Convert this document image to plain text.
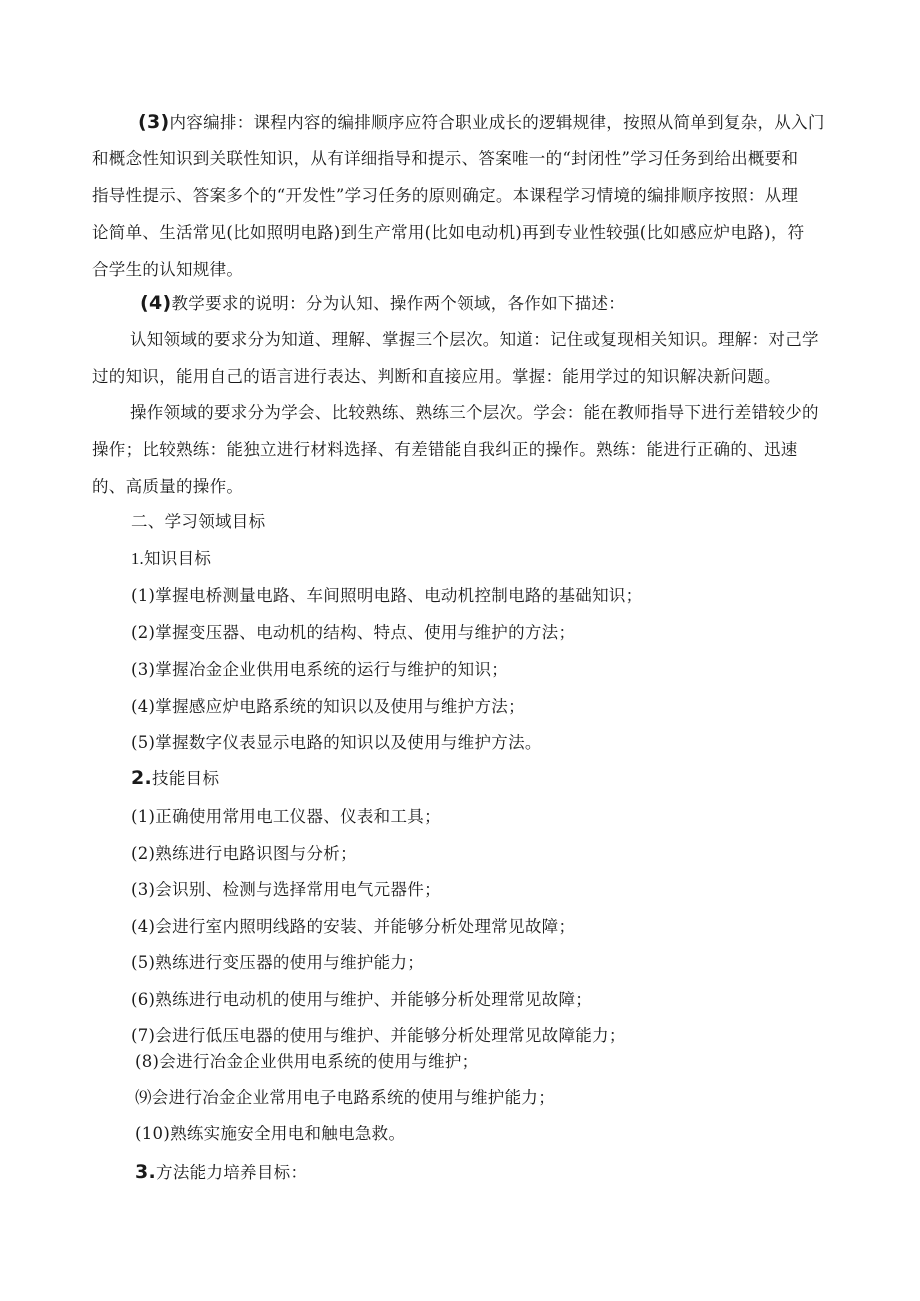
(3)内容编排：课程内容的编排顺序应符合职业成长的逻辑规律，按照从简单到复杂，从入门
和概念性知识到关联性知识，从有详细指导和提示、答案唯一的“封闭性”学习任务到给出概要和
指导性提示、答案多个的“开发性”学习任务的原则确定。本课程学习情境的编排顺序按照：从理
论简单、生活常见(比如照明电路)到生产常用(比如电动机)再到专业性较强(比如感应炉电路)，符
合学生的认知规律。
(4)教学要求的说明：分为认知、操作两个领域，各作如下描述：
认知领域的要求分为知道、理解、掌握三个层次。知道：记住或复现相关知识。理解：对己学
过的知识，能用自己的语言进行表达、判断和直接应用。掌握：能用学过的知识解决新问题。
操作领域的要求分为学会、比较熟练、熟练三个层次。学会：能在教师指导下进行差错较少的
操作；比较熟练：能独立进行材料选择、有差错能自我纠正的操作。熟练：能进行正确的、迅速
的、高质量的操作。
二、学习领域目标
1.知识目标
(1)掌握电桥测量电路、车间照明电路、电动机控制电路的基础知识；
(2)掌握变压器、电动机的结构、特点、使用与维护的方法；
(3)掌握冶金企业供用电系统的运行与维护的知识；
(4)掌握感应炉电路系统的知识以及使用与维护方法；
(5)掌握数字仪表显示电路的知识以及使用与维护方法。
2.技能目标
(1)正确使用常用电工仪器、仪表和工具；
(2)熟练进行电路识图与分析；
(3)会识别、检测与选择常用电气元器件；
(4)会进行室内照明线路的安装、并能够分析处理常见故障；
(5)熟练进行变压器的使用与维护能力；
(6)熟练进行电动机的使用与维护、并能够分析处理常见故障；
(7)会进行低压电器的使用与维护、并能够分析处理常见故障能力；
(8)会进行冶金企业供用电系统的使用与维护；
⑼会进行冶金企业常用电子电路系统的使用与维护能力；
(10)熟练实施安全用电和触电急救。
3.方法能力培养目标：
